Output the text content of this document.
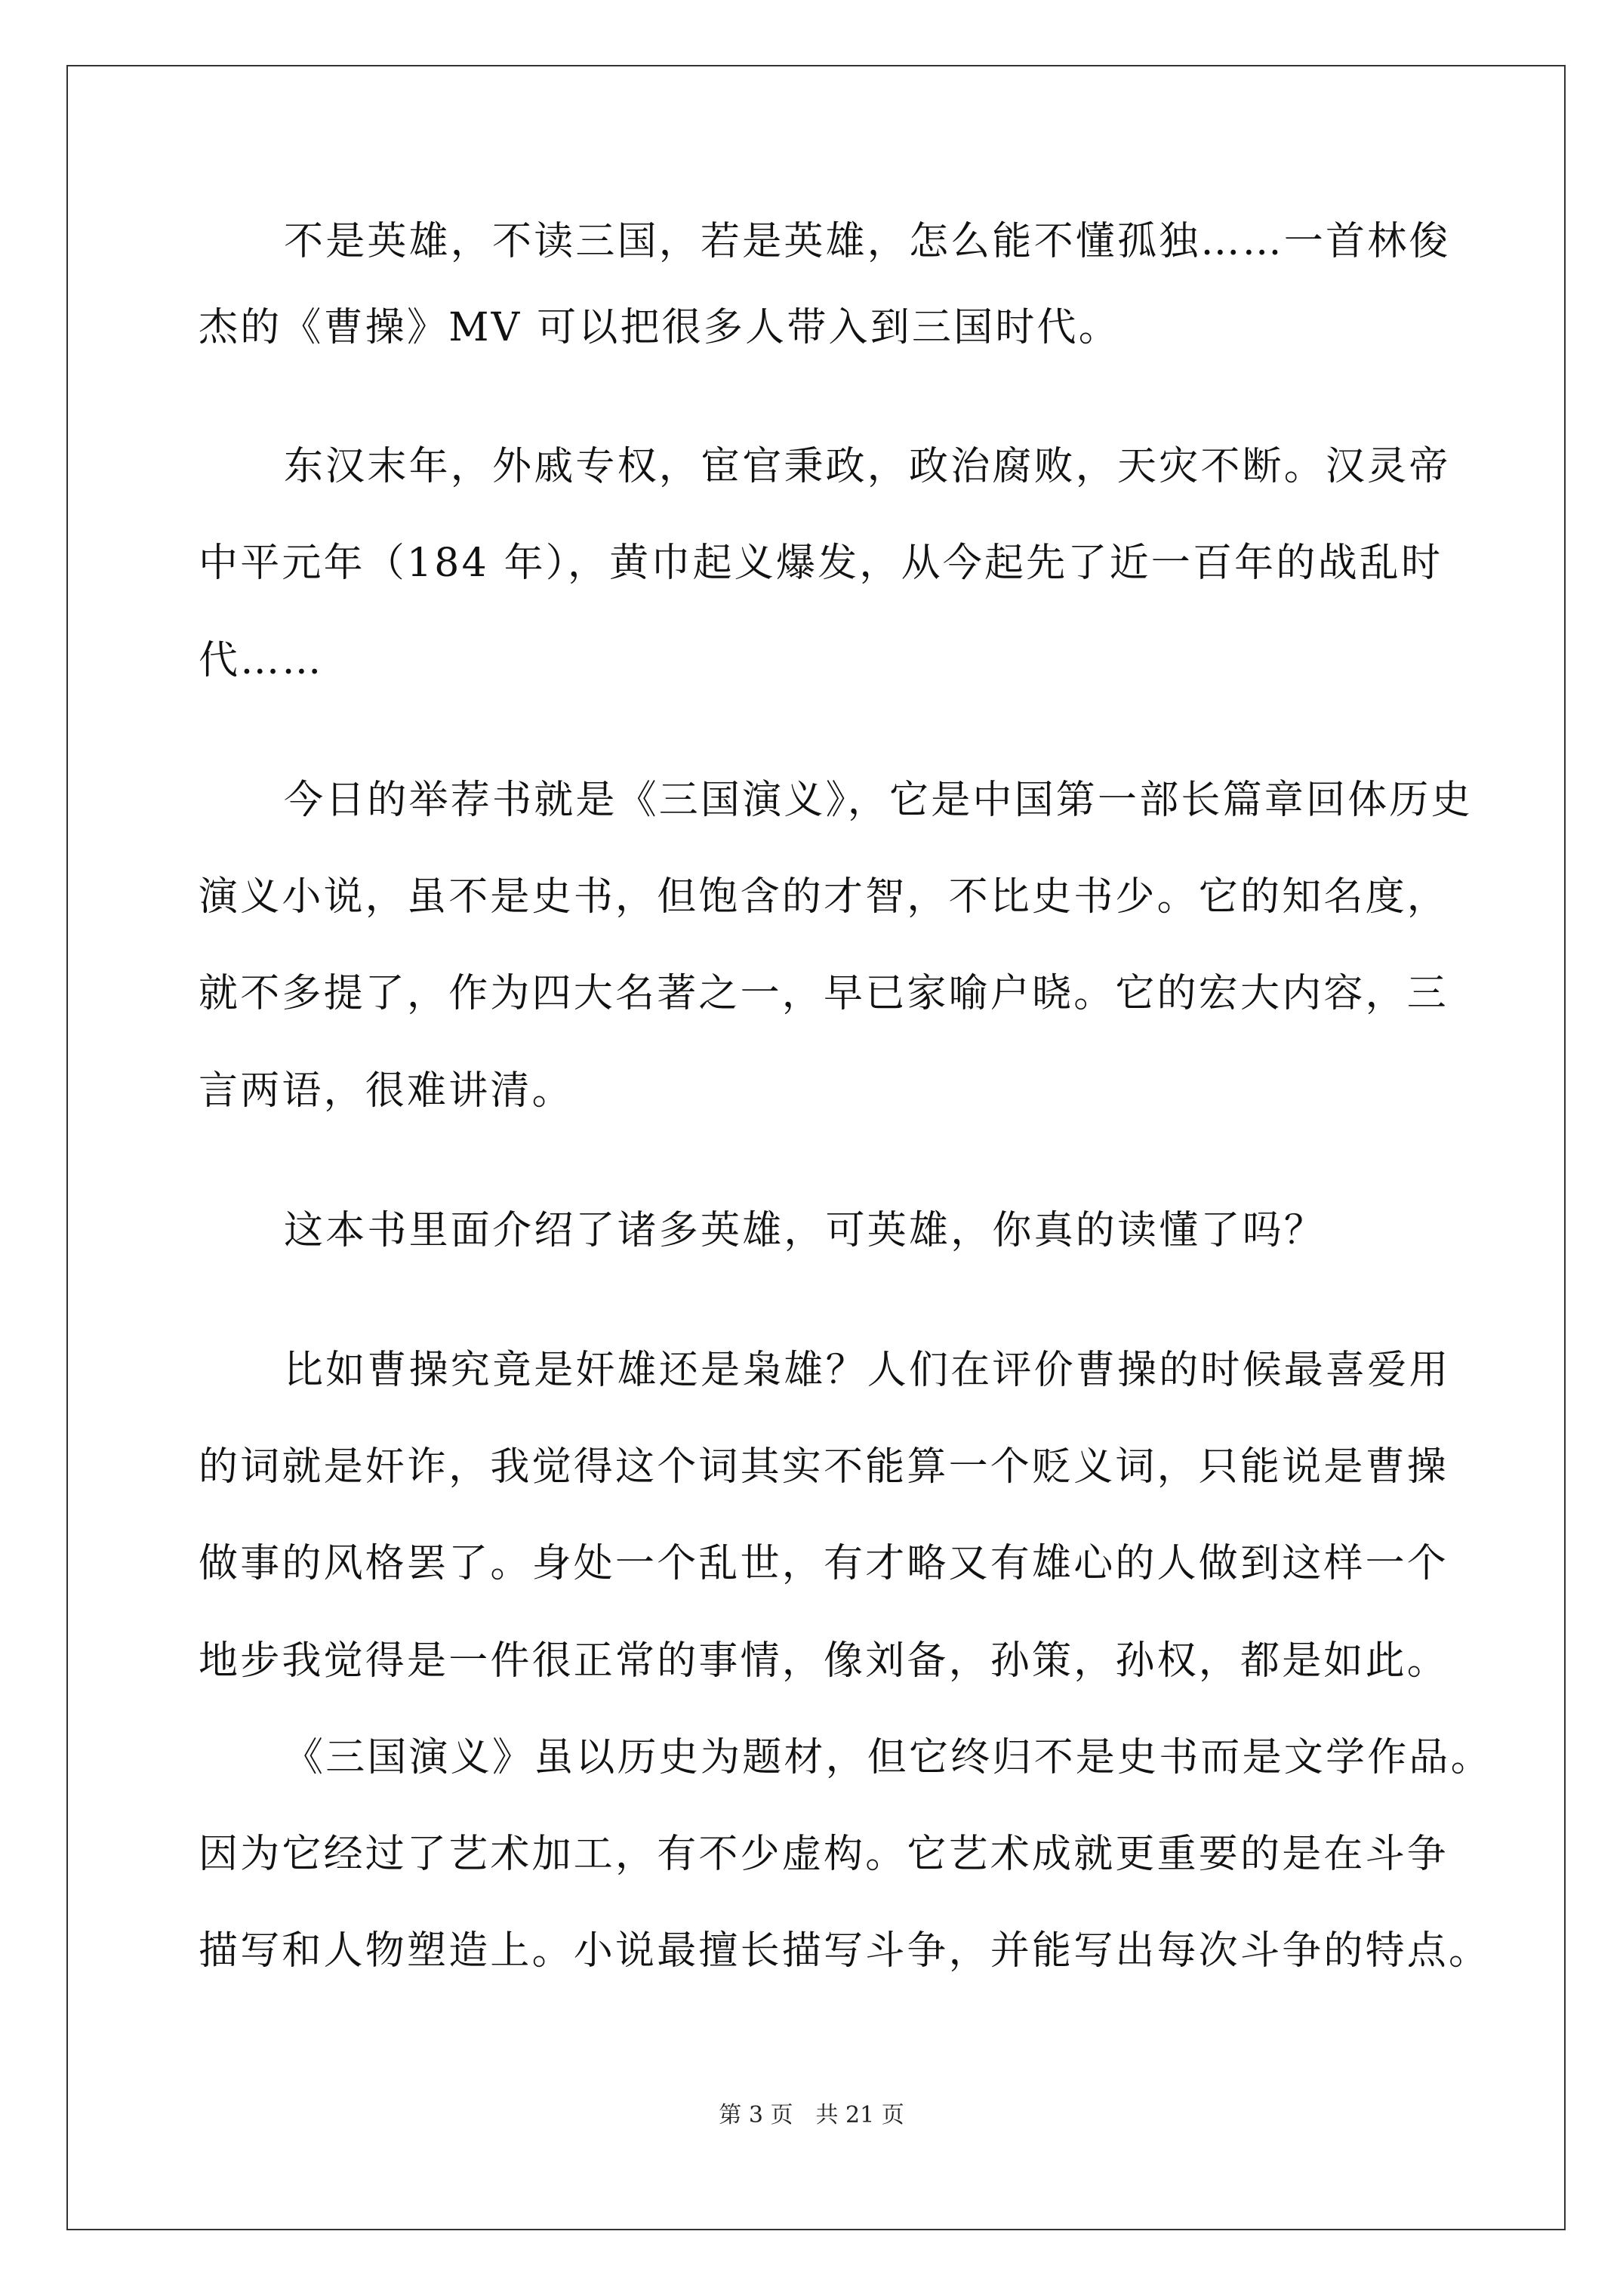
不是英雄，不读三国，若是英雄，怎么能不懂孤独……一首林俊
杰的《曹操》MV 可以把很多人带入到三国时代。
东汉末年，外戚专权，宦官秉政，政治腐败，天灾不断。汉灵帝
中平元年（184 年），黄巾起义爆发，从今起先了近一百年的战乱时
代……
今日的举荐书就是《三国演义》，它是中国第一部长篇章回体历史
演义小说，虽不是史书，但饱含的才智，不比史书少。它的知名度，
就不多提了，作为四大名著之一，早已家喻户晓。它的宏大内容，三
言两语，很难讲清。
这本书里面介绍了诸多英雄，可英雄，你真的读懂了吗？
比如曹操究竟是奸雄还是枭雄？人们在评价曹操的时候最喜爱用
的词就是奸诈，我觉得这个词其实不能算一个贬义词，只能说是曹操
做事的风格罢了。身处一个乱世，有才略又有雄心的人做到这样一个
地步我觉得是一件很正常的事情，像刘备，孙策，孙权，都是如此。
《三国演义》虽以历史为题材，但它终归不是史书而是文学作品。
因为它经过了艺术加工，有不少虚构。它艺术成就更重要的是在斗争
描写和人物塑造上。小说最擅长描写斗争，并能写出每次斗争的特点。
第 3 页　共 21 页
